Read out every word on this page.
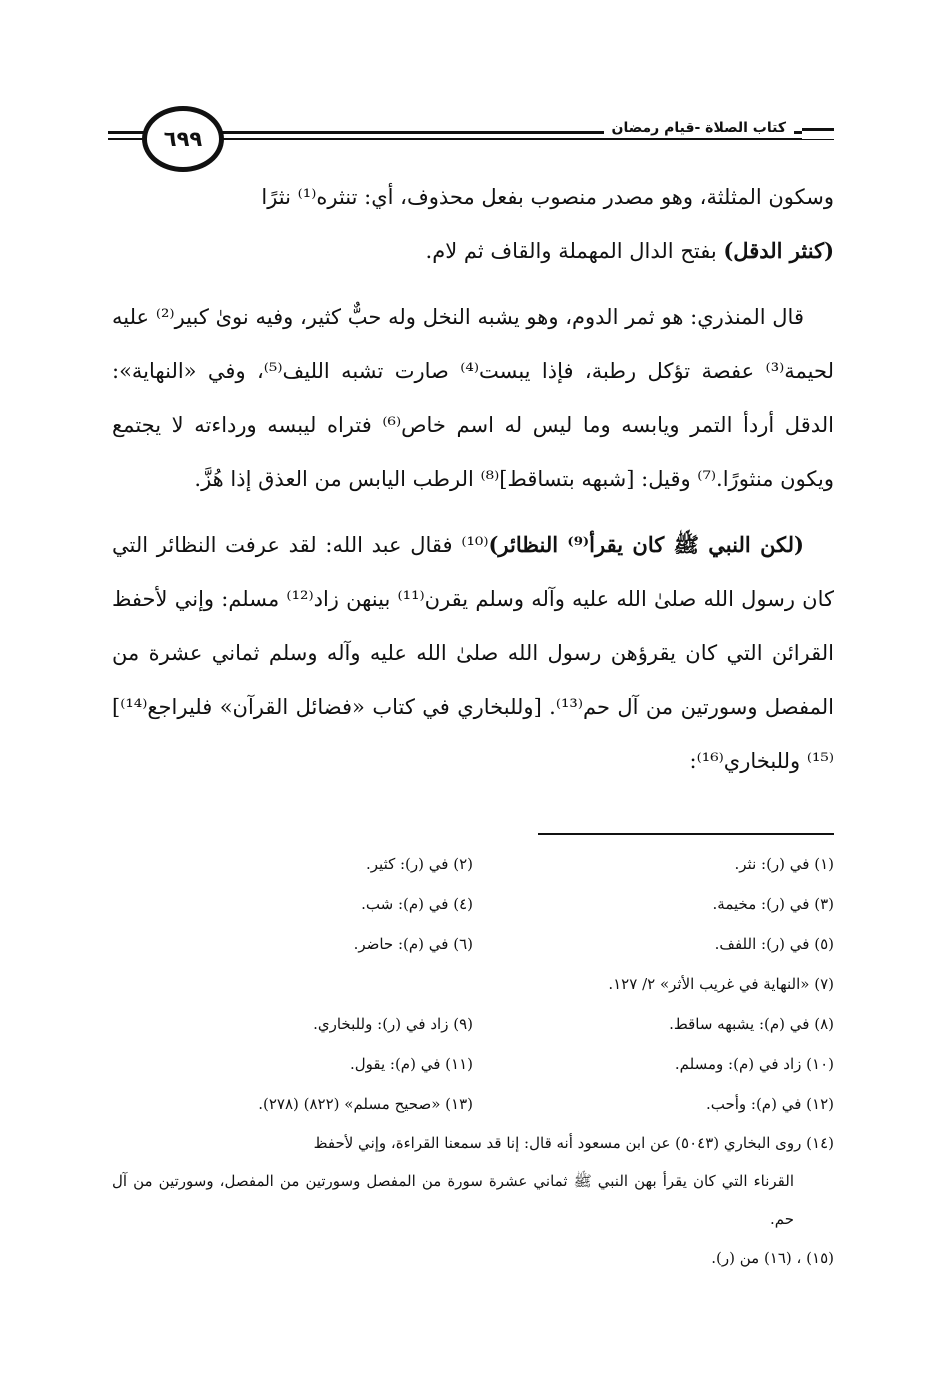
٦٩٩	كتاب الصلاة -قيام رمضان

وسكون المثلثة، وهو مصدر منصوب بفعل محذوف، أي: تنثره⁽¹⁾ نثرًا
(كنثر الدقل) بفتح الدال المهملة والقاف ثم لام.

قال المنذري: هو ثمر الدوم، وهو يشبه النخل وله حبٌّ كثير، وفيه نوىٰ كبير⁽²⁾ عليه لحيمة⁽³⁾ عفصة تؤكل رطبة، فإذا يبست⁽⁴⁾ صارت تشبه الليف⁽⁵⁾، وفي «النهاية»: الدقل أردأ التمر ويابسه وما ليس له اسم خاص⁽⁶⁾ فتراه ليبسه ورداءته لا يجتمع ويكون منثورًا.⁽⁷⁾ وقيل: [شبهه بتساقط]⁽⁸⁾ الرطب اليابس من العذق إذا هُزَّ.

(لكن النبي ﷺ كان يقرأ⁽⁹⁾ النظائر)⁽¹⁰⁾ فقال عبد الله: لقد عرفت النظائر التي كان رسول الله صلىٰ الله عليه وآله وسلم يقرن⁽¹¹⁾ بينهن زاد⁽¹²⁾ مسلم: وإني لأحفظ القرائن التي كان يقرؤهن رسول الله صلىٰ الله عليه وآله وسلم ثماني عشرة من المفصل وسورتين من آل حم⁽¹³⁾. [وللبخاري في كتاب «فضائل القرآن» فليراجع⁽¹⁴⁾]⁽¹⁵⁾ وللبخاري⁽¹⁶⁾:

(١) في (ر): نثر.
(٢) في (ر): كثير.
(٣) في (ر): مخيمة.
(٤) في (م): شب.
(٥) في (ر): اللفف.
(٦) في (م): حاضر.
(٧) «النهاية في غريب الأثر» ٢/ ١٢٧.
(٨) في (م): يشبهه ساقط.
(٩) زاد في (ر): وللبخاري.
(١٠) زاد في (م): ومسلم.
(١١) في (م): يقول.
(١٢) في (م): وأحب.
(١٣) «صحيح مسلم» (٨٢٢) (٢٧٨).
(١٤) روى البخاري (٥٠٤٣) عن ابن مسعود أنه قال: إنا قد سمعنا القراءة، وإني لأحفظ
القرناء التي كان يقرأ بهن النبي ﷺ ثماني عشرة سورة من المفصل وسورتين من المفصل، وسورتين من آل حم.
(١٥) ، (١٦) من (ر).
